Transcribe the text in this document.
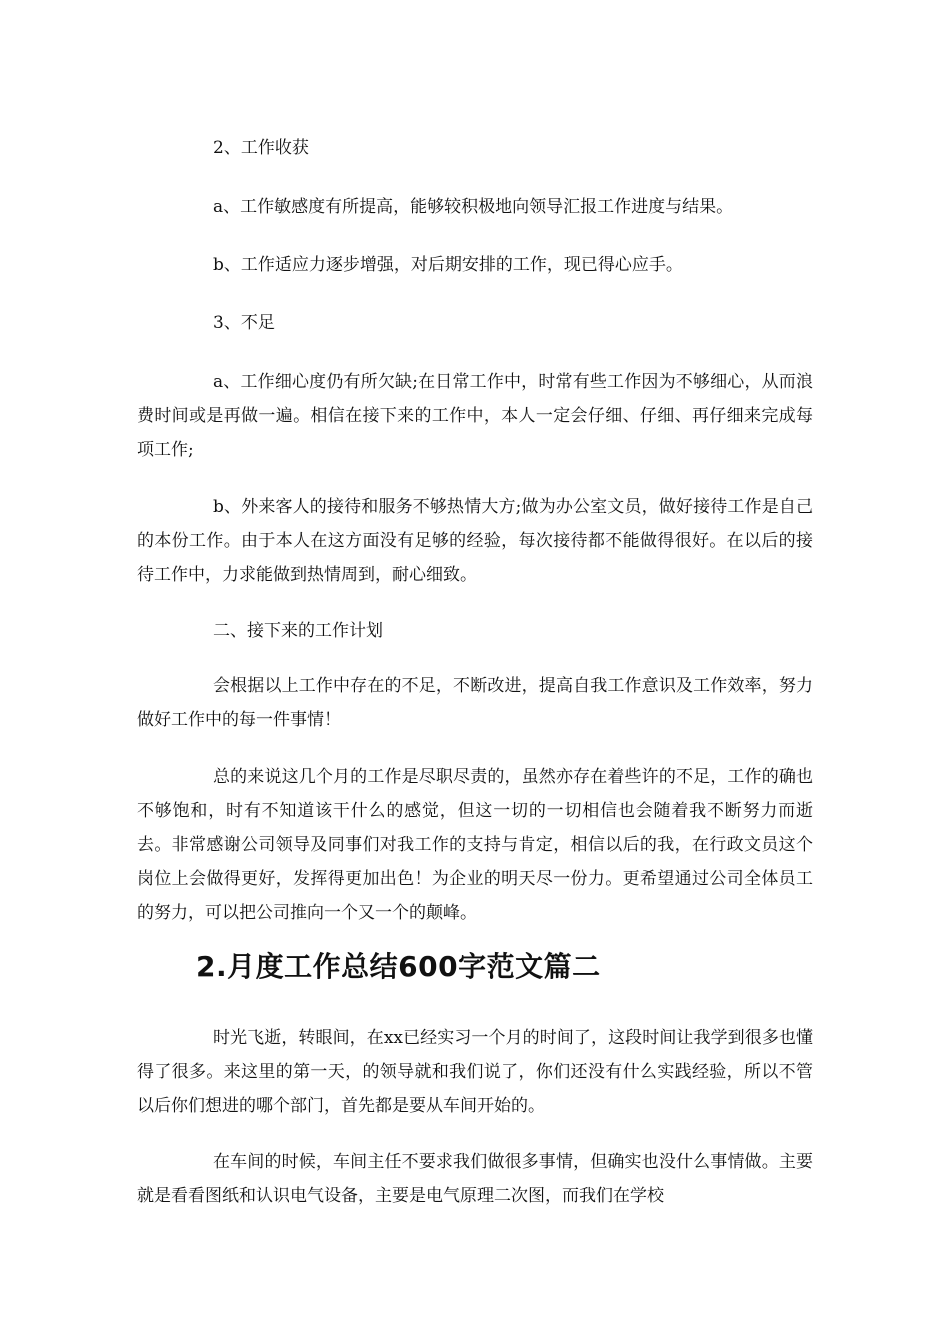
2、工作收获

a、工作敏感度有所提高，能够较积极地向领导汇报工作进度与结果。

b、工作适应力逐步增强，对后期安排的工作，现已得心应手。

3、不足

a、工作细心度仍有所欠缺;在日常工作中，时常有些工作因为不够细心，从而浪费时间或是再做一遍。相信在接下来的工作中，本人一定会仔细、仔细、再仔细来完成每项工作;

b、外来客人的接待和服务不够热情大方;做为办公室文员，做好接待工作是自己的本份工作。由于本人在这方面没有足够的经验，每次接待都不能做得很好。在以后的接待工作中，力求能做到热情周到，耐心细致。

二、接下来的工作计划

会根据以上工作中存在的不足，不断改进，提高自我工作意识及工作效率，努力做好工作中的每一件事情！

总的来说这几个月的工作是尽职尽责的，虽然亦存在着些许的不足，工作的确也不够饱和，时有不知道该干什么的感觉，但这一切的一切相信也会随着我不断努力而逝去。非常感谢公司领导及同事们对我工作的支持与肯定，相信以后的我，在行政文员这个岗位上会做得更好，发挥得更加出色！为企业的明天尽一份力。更希望通过公司全体员工的努力，可以把公司推向一个又一个的颠峰。

2.月度工作总结600字范文篇二

时光飞逝，转眼间，在xx已经实习一个月的时间了，这段时间让我学到很多也懂得了很多。来这里的第一天，的领导就和我们说了，你们还没有什么实践经验，所以不管以后你们想进的哪个部门，首先都是要从车间开始的。

在车间的时候，车间主任不要求我们做很多事情，但确实也没什么事情做。主要就是看看图纸和认识电气设备，主要是电气原理二次图，而我们在学校
